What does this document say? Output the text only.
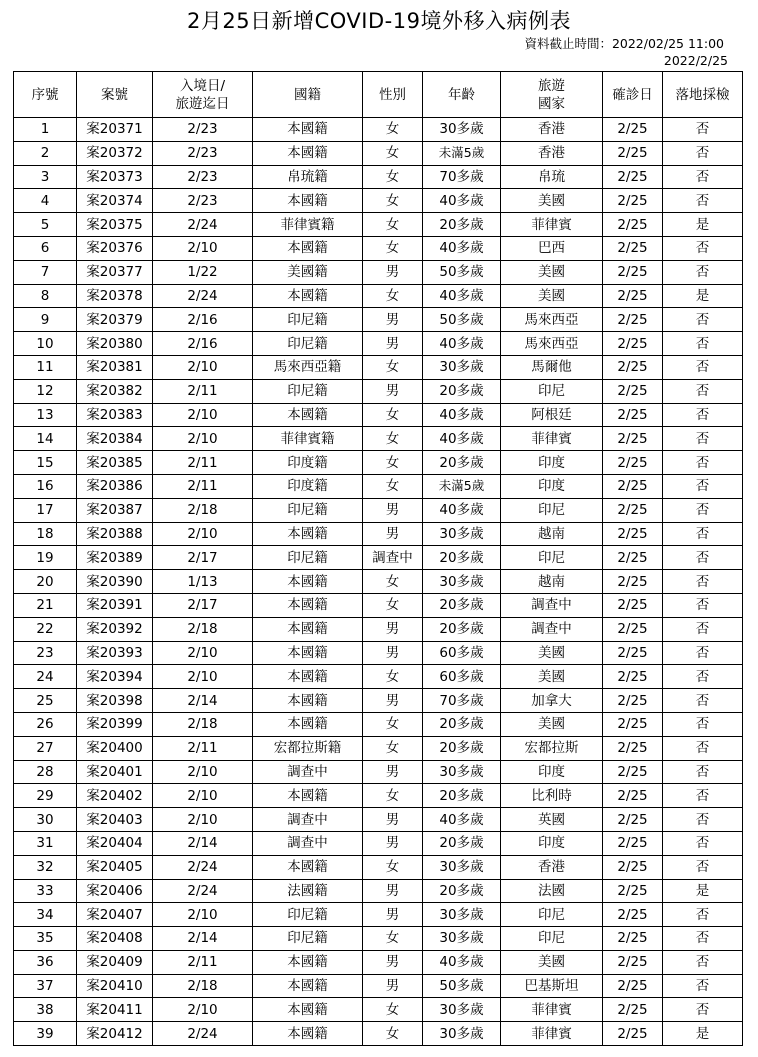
2月25日新增COVID-19境外移入病例表
資料截止時間：2022/02/25 11:00
2022/2/25
序號	案號	入境日/
旅遊迄日	國籍	性別	年齡	旅遊
國家	確診日	落地採檢
1	案20371	2/23	本國籍	女	30多歲	香港	2/25	否
2	案20372	2/23	本國籍	女	未滿5歲	香港	2/25	否
3	案20373	2/23	帛琉籍	女	70多歲	帛琉	2/25	否
4	案20374	2/23	本國籍	女	40多歲	美國	2/25	否
5	案20375	2/24	菲律賓籍	女	20多歲	菲律賓	2/25	是
6	案20376	2/10	本國籍	女	40多歲	巴西	2/25	否
7	案20377	1/22	美國籍	男	50多歲	美國	2/25	否
8	案20378	2/24	本國籍	女	40多歲	美國	2/25	是
9	案20379	2/16	印尼籍	男	50多歲	馬來西亞	2/25	否
10	案20380	2/16	印尼籍	男	40多歲	馬來西亞	2/25	否
11	案20381	2/10	馬來西亞籍	女	30多歲	馬爾他	2/25	否
12	案20382	2/11	印尼籍	男	20多歲	印尼	2/25	否
13	案20383	2/10	本國籍	女	40多歲	阿根廷	2/25	否
14	案20384	2/10	菲律賓籍	女	40多歲	菲律賓	2/25	否
15	案20385	2/11	印度籍	女	20多歲	印度	2/25	否
16	案20386	2/11	印度籍	女	未滿5歲	印度	2/25	否
17	案20387	2/18	印尼籍	男	40多歲	印尼	2/25	否
18	案20388	2/10	本國籍	男	30多歲	越南	2/25	否
19	案20389	2/17	印尼籍	調查中	20多歲	印尼	2/25	否
20	案20390	1/13	本國籍	女	30多歲	越南	2/25	否
21	案20391	2/17	本國籍	女	20多歲	調查中	2/25	否
22	案20392	2/18	本國籍	男	20多歲	調查中	2/25	否
23	案20393	2/10	本國籍	男	60多歲	美國	2/25	否
24	案20394	2/10	本國籍	女	60多歲	美國	2/25	否
25	案20398	2/14	本國籍	男	70多歲	加拿大	2/25	否
26	案20399	2/18	本國籍	女	20多歲	美國	2/25	否
27	案20400	2/11	宏都拉斯籍	女	20多歲	宏都拉斯	2/25	否
28	案20401	2/10	調查中	男	30多歲	印度	2/25	否
29	案20402	2/10	本國籍	女	20多歲	比利時	2/25	否
30	案20403	2/10	調查中	男	40多歲	英國	2/25	否
31	案20404	2/14	調查中	男	20多歲	印度	2/25	否
32	案20405	2/24	本國籍	女	30多歲	香港	2/25	否
33	案20406	2/24	法國籍	男	20多歲	法國	2/25	是
34	案20407	2/10	印尼籍	男	30多歲	印尼	2/25	否
35	案20408	2/14	印尼籍	女	30多歲	印尼	2/25	否
36	案20409	2/11	本國籍	男	40多歲	美國	2/25	否
37	案20410	2/18	本國籍	男	50多歲	巴基斯坦	2/25	否
38	案20411	2/10	本國籍	女	30多歲	菲律賓	2/25	否
39	案20412	2/24	本國籍	女	30多歲	菲律賓	2/25	是
